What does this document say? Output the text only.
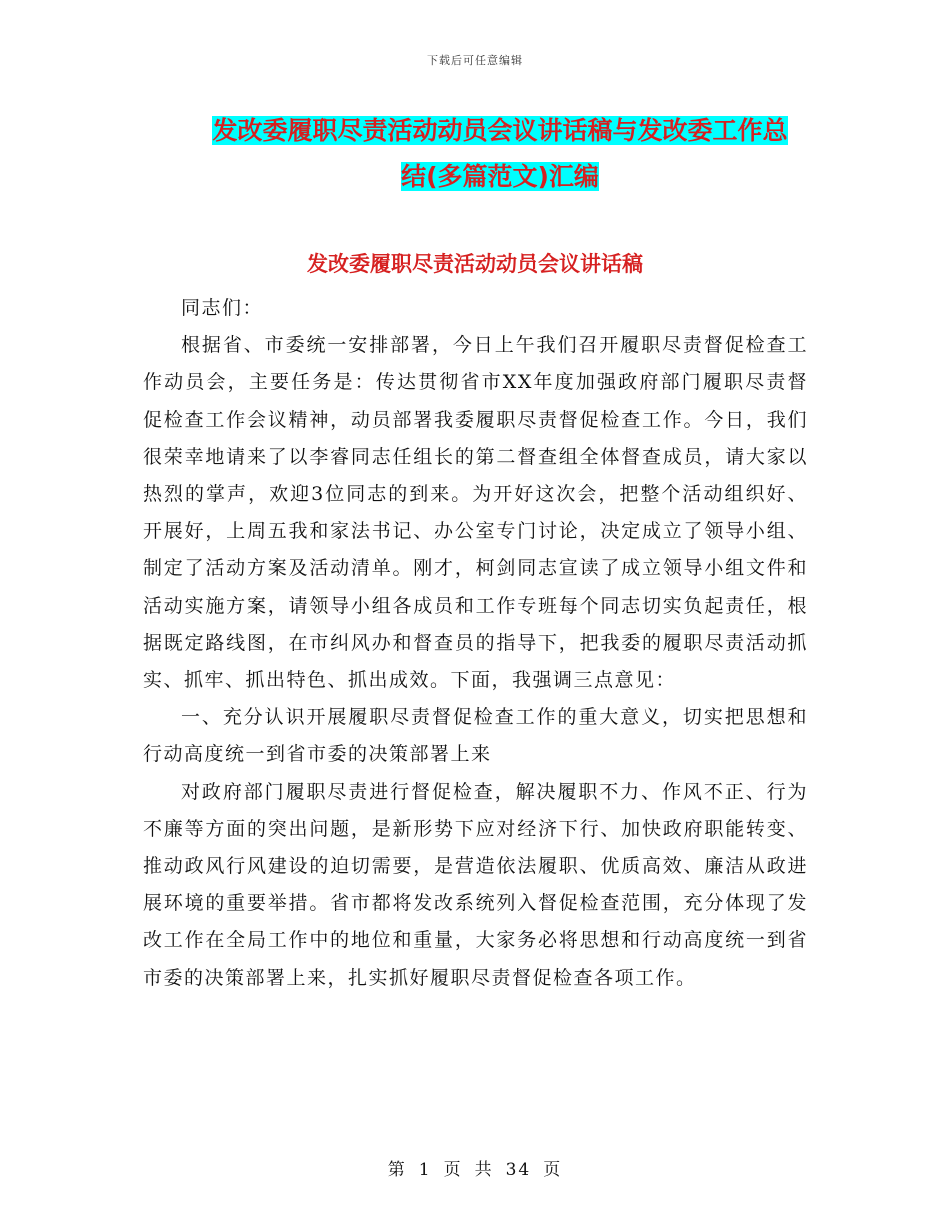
下载后可任意编辑
发改委履职尽责活动动员会议讲话稿与发改委工作总
结(多篇范文)汇编
发改委履职尽责活动动员会议讲话稿

同志们：

根据省、市委统一安排部署，今日上午我们召开履职尽责督促检查工作动员会，主要任务是：传达贯彻省市XX年度加强政府部门履职尽责督促检查工作会议精神，动员部署我委履职尽责督促检查工作。今日，我们很荣幸地请来了以李睿同志任组长的第二督查组全体督查成员，请大家以热烈的掌声，欢迎3位同志的到来。为开好这次会，把整个活动组织好、开展好，上周五我和家法书记、办公室专门讨论，决定成立了领导小组、制定了活动方案及活动清单。刚才，柯剑同志宣读了成立领导小组文件和活动实施方案，请领导小组各成员和工作专班每个同志切实负起责任，根据既定路线图，在市纠风办和督查员的指导下，把我委的履职尽责活动抓实、抓牢、抓出特色、抓出成效。下面，我强调三点意见：

一、充分认识开展履职尽责督促检查工作的重大意义，切实把思想和行动高度统一到省市委的决策部署上来

对政府部门履职尽责进行督促检查，解决履职不力、作风不正、行为不廉等方面的突出问题，是新形势下应对经济下行、加快政府职能转变、推动政风行风建设的迫切需要，是营造依法履职、优质高效、廉洁从政进展环境的重要举措。省市都将发改系统列入督促检查范围，充分体现了发改工作在全局工作中的地位和重量，大家务必将思想和行动高度统一到省市委的决策部署上来，扎实抓好履职尽责督促检查各项工作。

第 1 页 共 34 页
